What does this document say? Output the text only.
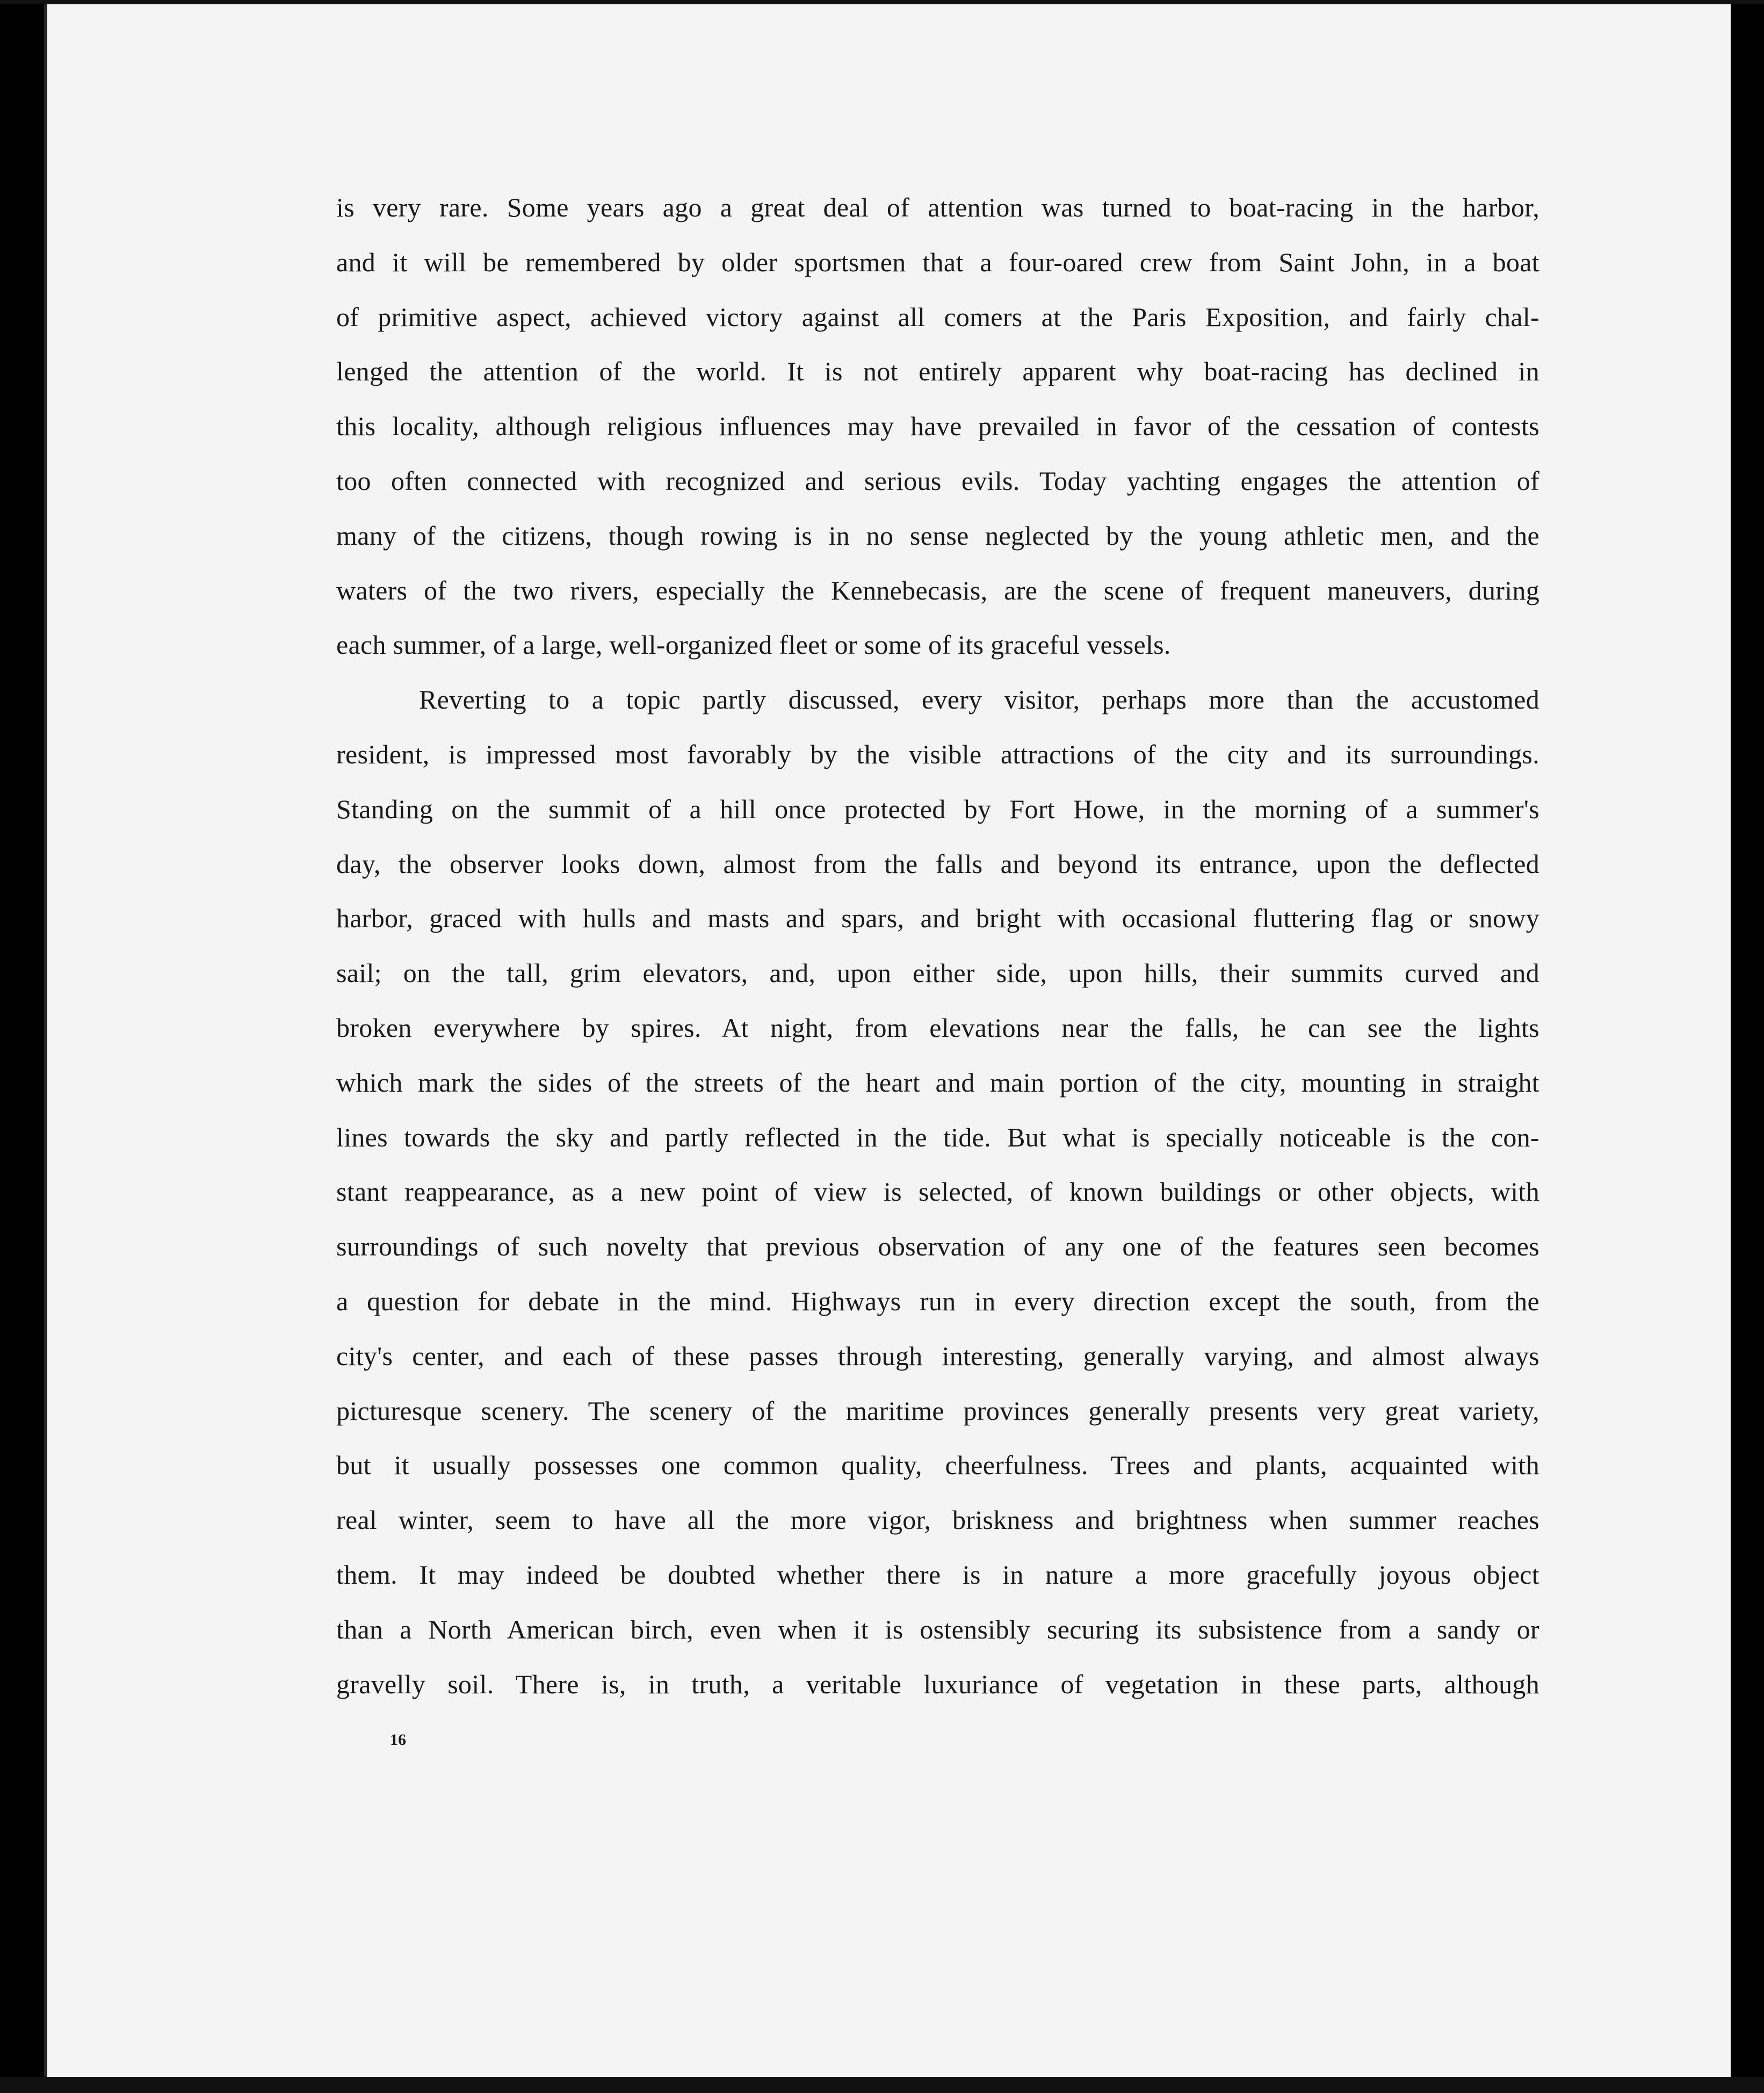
16
is very rare. Some years ago a great deal of attention was turned to boat-racing in the harbor,
and it will be remembered by older sportsmen that a four-oared crew from Saint John, in a boat
of primitive aspect, achieved victory against all comers at the Paris Exposition, and fairly chal-
lenged the attention of the world. It is not entirely apparent why boat-racing has declined in
this locality, although religious influences may have prevailed in favor of the cessation of contests
too often connected with recognized and serious evils. Today yachting engages the attention of
many of the citizens, though rowing is in no sense neglected by the young athletic men, and the
waters of the two rivers, especially the Kennebecasis, are the scene of frequent maneuvers, during
each summer, of a large, well-organized fleet or some of its graceful vessels.
Reverting to a topic partly discussed, every visitor, perhaps more than the accustomed
resident, is impressed most favorably by the visible attractions of the city and its surroundings.
Standing on the summit of a hill once protected by Fort Howe, in the morning of a summer's
day, the observer looks down, almost from the falls and beyond its entrance, upon the deflected
harbor, graced with hulls and masts and spars, and bright with occasional fluttering flag or snowy
sail; on the tall, grim elevators, and, upon either side, upon hills, their summits curved and
broken everywhere by spires. At night, from elevations near the falls, he can see the lights
which mark the sides of the streets of the heart and main portion of the city, mounting in straight
lines towards the sky and partly reflected in the tide. But what is specially noticeable is the con-
stant reappearance, as a new point of view is selected, of known buildings or other objects, with
surroundings of such novelty that previous observation of any one of the features seen becomes
a question for debate in the mind. Highways run in every direction except the south, from the
city's center, and each of these passes through interesting, generally varying, and almost always
picturesque scenery. The scenery of the maritime provinces generally presents very great variety,
but it usually possesses one common quality, cheerfulness. Trees and plants, acquainted with
real winter, seem to have all the more vigor, briskness and brightness when summer reaches
them. It may indeed be doubted whether there is in nature a more gracefully joyous object
than a North American birch, even when it is ostensibly securing its subsistence from a sandy or
gravelly soil. There is, in truth, a veritable luxuriance of vegetation in these parts, although
